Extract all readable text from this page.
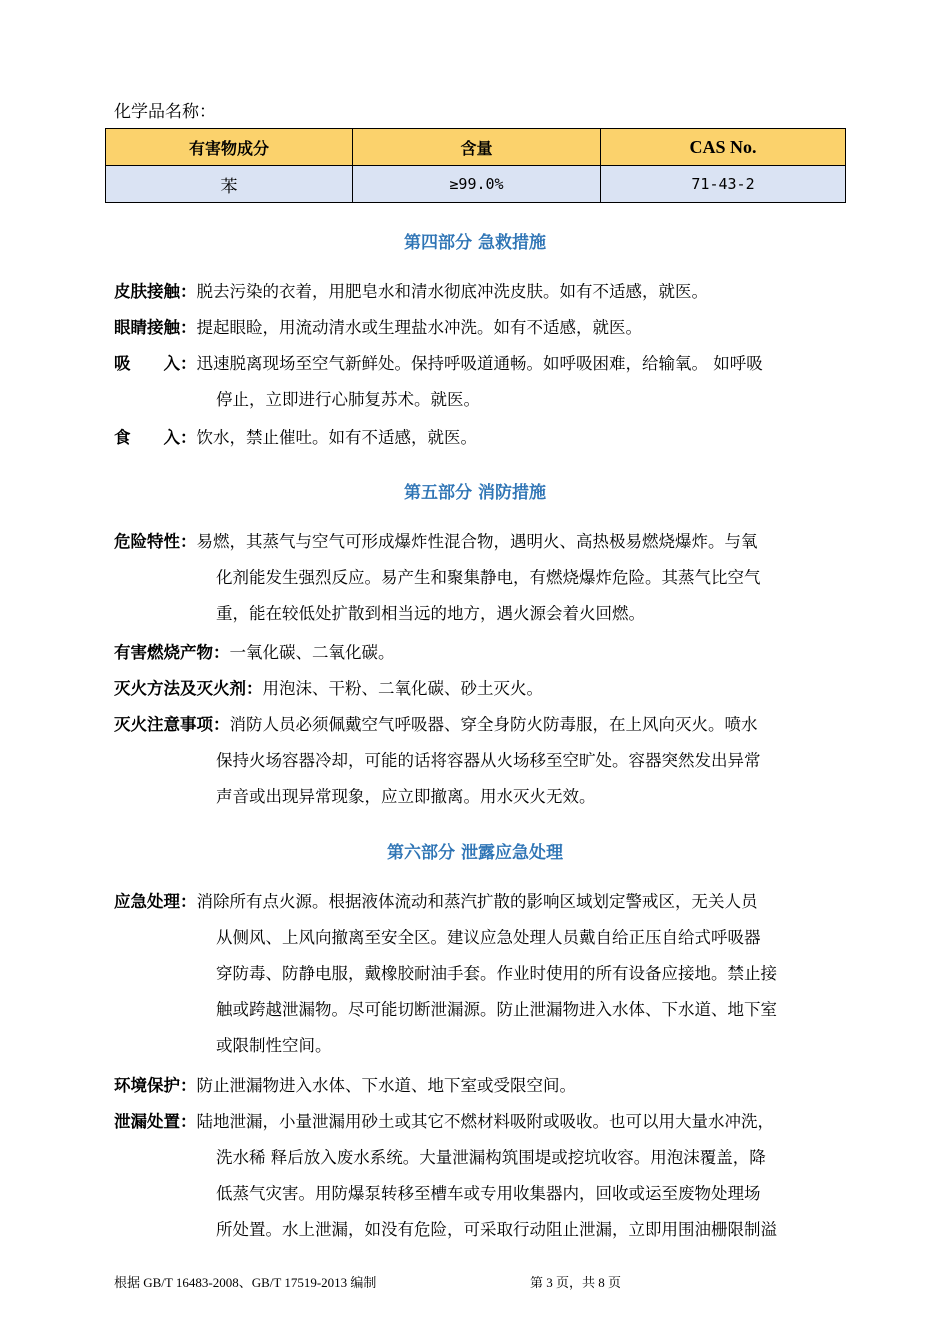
化学品名称：
有害物成分	含量	CAS No.
苯	≥99.0%	71-43-2
第四部分 急救措施
皮肤接触：脱去污染的衣着，用肥皂水和清水彻底冲洗皮肤。如有不适感，就医。
眼睛接触：提起眼睑，用流动清水或生理盐水冲洗。如有不适感，就医。
吸　　入：迅速脱离现场至空气新鲜处。保持呼吸道通畅。如呼吸困难，给输氧。 如呼吸
停止，立即进行心肺复苏术。就医。
食　　入：饮水，禁止催吐。如有不适感，就医。
第五部分 消防措施
危险特性：易燃，其蒸气与空气可形成爆炸性混合物，遇明火、高热极易燃烧爆炸。与氧
化剂能发生强烈反应。易产生和聚集静电，有燃烧爆炸危险。其蒸气比空气
重，能在较低处扩散到相当远的地方，遇火源会着火回燃。
有害燃烧产物：一氧化碳、二氧化碳。
灭火方法及灭火剂：用泡沫、干粉、二氧化碳、砂土灭火。
灭火注意事项：消防人员必须佩戴空气呼吸器、穿全身防火防毒服，在上风向灭火。喷水
保持火场容器冷却，可能的话将容器从火场移至空旷处。容器突然发出异常
声音或出现异常现象，应立即撤离。用水灭火无效。
第六部分 泄露应急处理
应急处理：消除所有点火源。根据液体流动和蒸汽扩散的影响区域划定警戒区，无关人员
从侧风、上风向撤离至安全区。建议应急处理人员戴自给正压自给式呼吸器
穿防毒、防静电服，戴橡胶耐油手套。作业时使用的所有设备应接地。禁止接
触或跨越泄漏物。尽可能切断泄漏源。防止泄漏物进入水体、下水道、地下室
或限制性空间。
环境保护：防止泄漏物进入水体、下水道、地下室或受限空间。
泄漏处置：陆地泄漏，小量泄漏用砂土或其它不燃材料吸附或吸收。也可以用大量水冲洗，
洗水稀 释后放入废水系统。大量泄漏构筑围堤或挖坑收容。用泡沫覆盖，降
低蒸气灾害。用防爆泵转移至槽车或专用收集器内，回收或运至废物处理场
所处置。水上泄漏，如没有危险，可采取行动阻止泄漏，立即用围油栅限制溢
根据 GB/T 16483-2008、GB/T 17519-2013 编制	第 3 页，共 8 页
